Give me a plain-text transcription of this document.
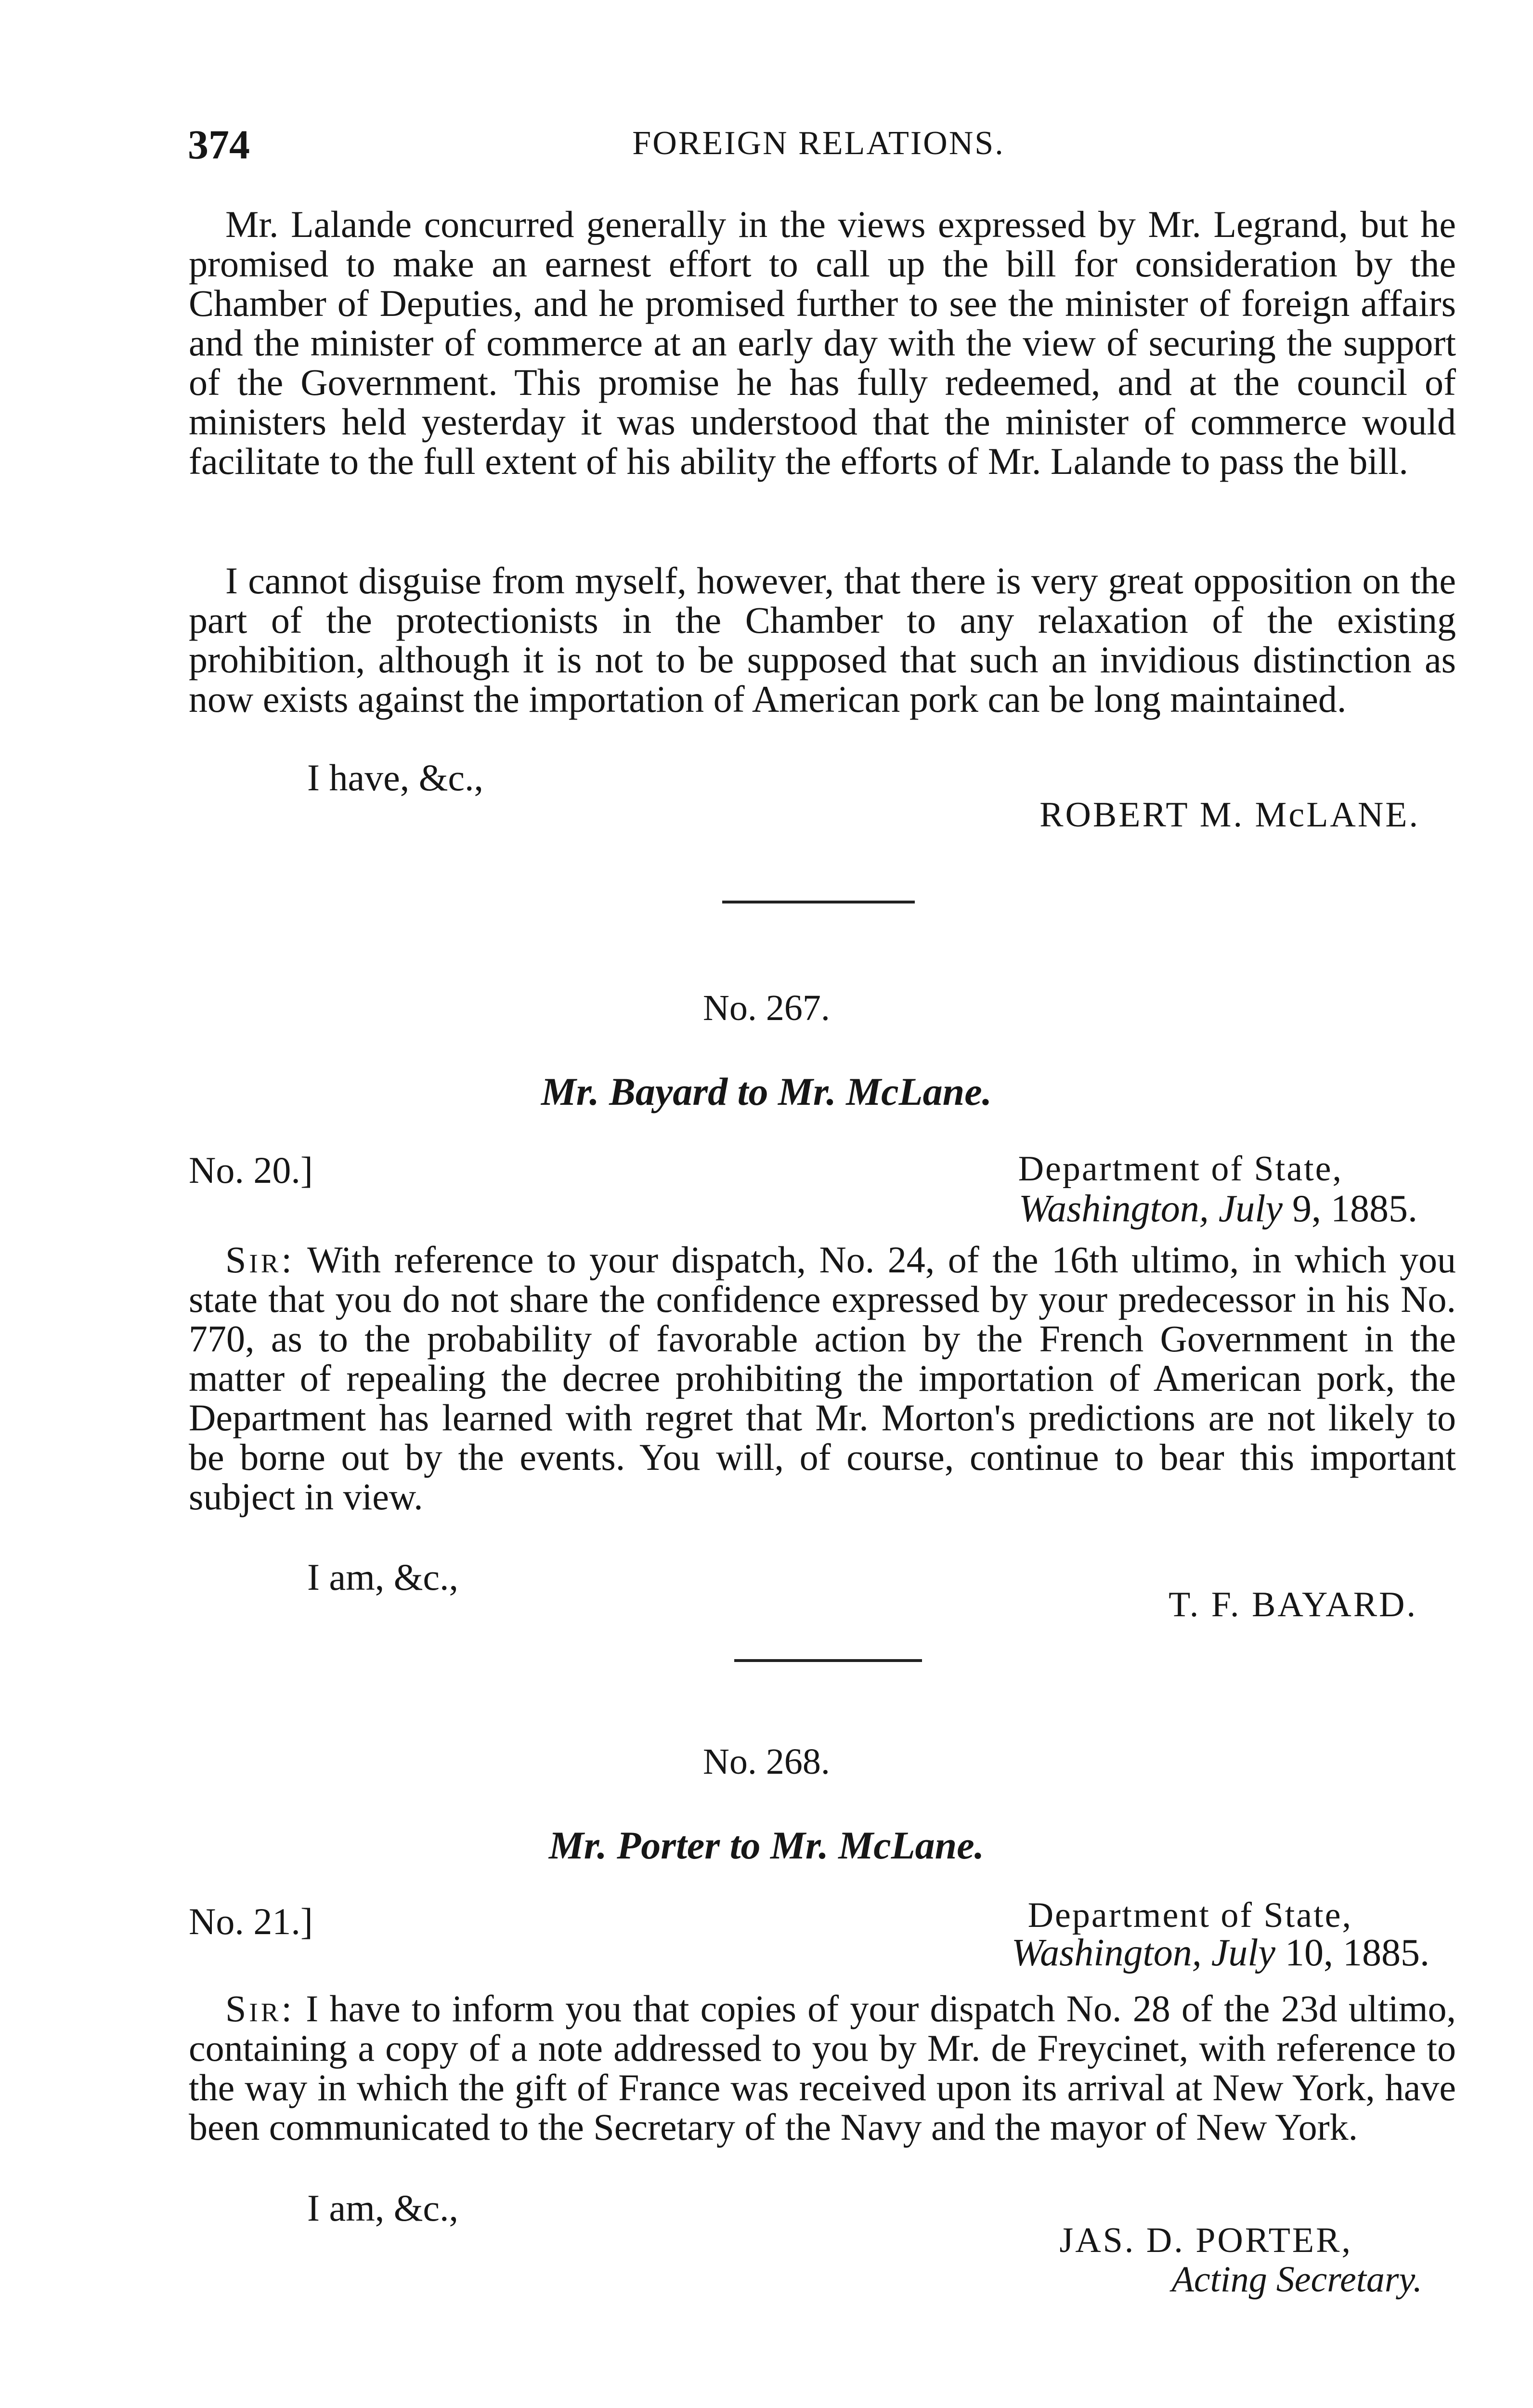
374	FOREIGN RELATIONS.

Mr. Lalande concurred generally in the views expressed by Mr. Legrand, but he promised to make an earnest effort to call up the bill for consideration by the Chamber of Deputies, and he promised further to see the minister of foreign affairs and the minister of commerce at an early day with the view of securing the support of the Government. This promise he has fully redeemed, and at the council of ministers held yesterday it was understood that the minister of commerce would facilitate to the full extent of his ability the efforts of Mr. Lalande to pass the bill.

I cannot disguise from myself, however, that there is very great opposition on the part of the protectionists in the Chamber to any relaxation of the existing prohibition, although it is not to be supposed that such an invidious distinction as now exists against the importation of American pork can be long maintained.

I have, &c.,
ROBERT M. McLANE.
No. 267.
Mr. Bayard to Mr. McLane.
No. 20.]	Department of State,
Washington, July 9, 1885.

Sir: With reference to your dispatch, No. 24, of the 16th ultimo, in which you state that you do not share the confidence expressed by your predecessor in his No. 770, as to the probability of favorable action by the French Government in the matter of repealing the decree prohibiting the importation of American pork, the Department has learned with regret that Mr. Morton's predictions are not likely to be borne out by the events. You will, of course, continue to bear this important subject in view.

I am, &c.,
T. F. BAYARD.
No. 268.
Mr. Porter to Mr. McLane.
No. 21.]	Department of State,
Washington, July 10, 1885.

Sir: I have to inform you that copies of your dispatch No. 28 of the 23d ultimo, containing a copy of a note addressed to you by Mr. de Freycinet, with reference to the way in which the gift of France was received upon its arrival at New York, have been communicated to the Secretary of the Navy and the mayor of New York.

I am, &c.,
JAS. D. PORTER,
Acting Secretary.
